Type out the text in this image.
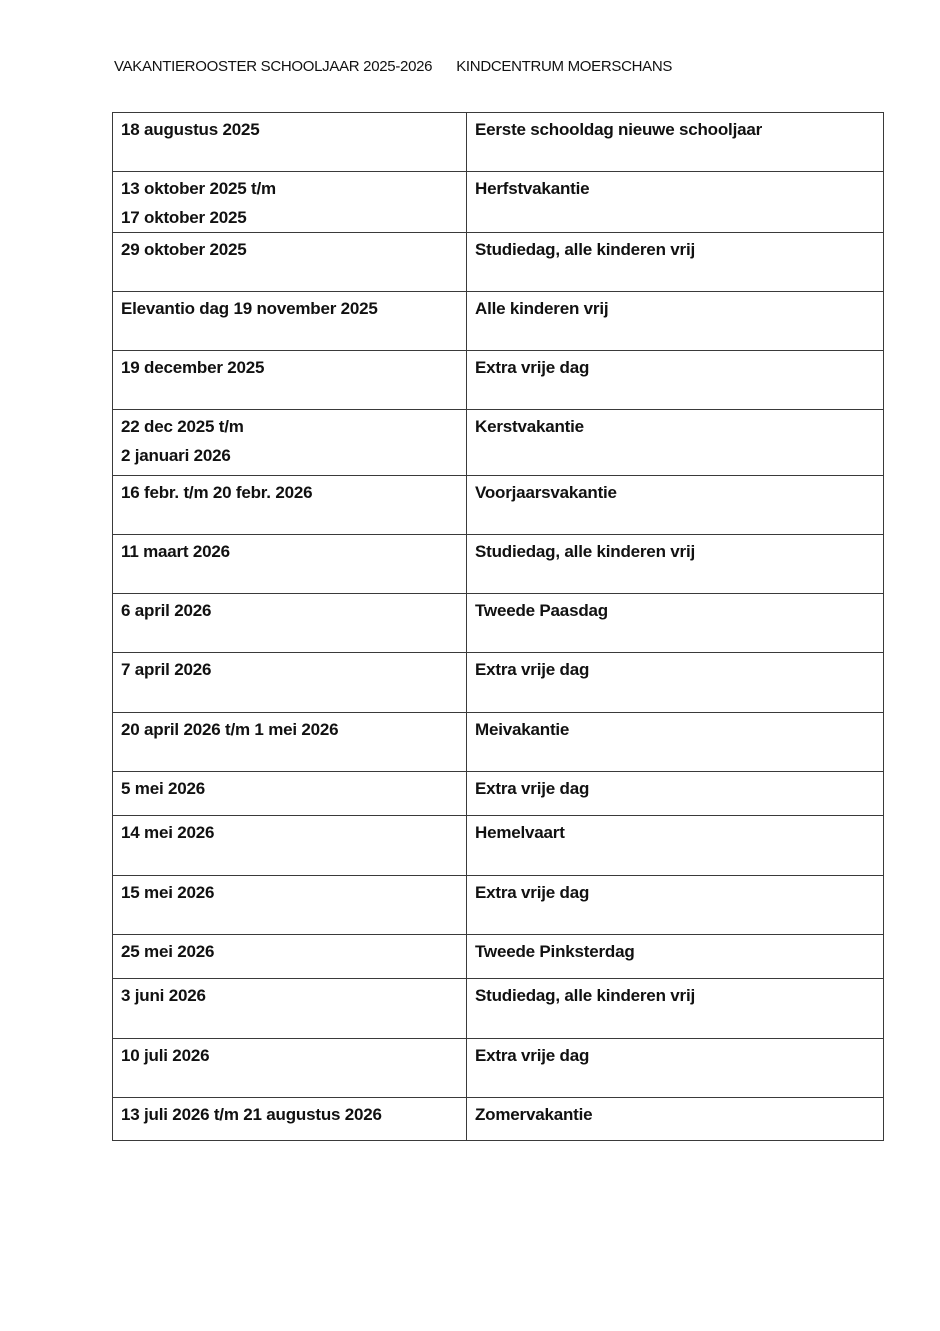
VAKANTIEROOSTER SCHOOLJAAR 2025-2026 KINDCENTRUM MOERSCHANS
18 augustus 2025	Eerste schooldag nieuwe schooljaar
13 oktober 2025 t/m
17 oktober 2025	Herfstvakantie
29 oktober 2025	Studiedag, alle kinderen vrij
Elevantio dag 19 november 2025	Alle kinderen vrij
19 december 2025	Extra vrije dag
22 dec 2025 t/m
2 januari 2026	Kerstvakantie
16 febr. t/m 20 febr. 2026	Voorjaarsvakantie
11 maart 2026	Studiedag, alle kinderen vrij
6 april 2026	Tweede Paasdag
7 april 2026	Extra vrije dag
20 april 2026 t/m 1 mei 2026	Meivakantie
5 mei 2026	Extra vrije dag
14 mei 2026	Hemelvaart
15 mei 2026	Extra vrije dag
25 mei 2026	Tweede Pinksterdag
3 juni 2026	Studiedag, alle kinderen vrij
10 juli 2026	Extra vrije dag
13 juli 2026 t/m 21 augustus 2026	Zomervakantie
